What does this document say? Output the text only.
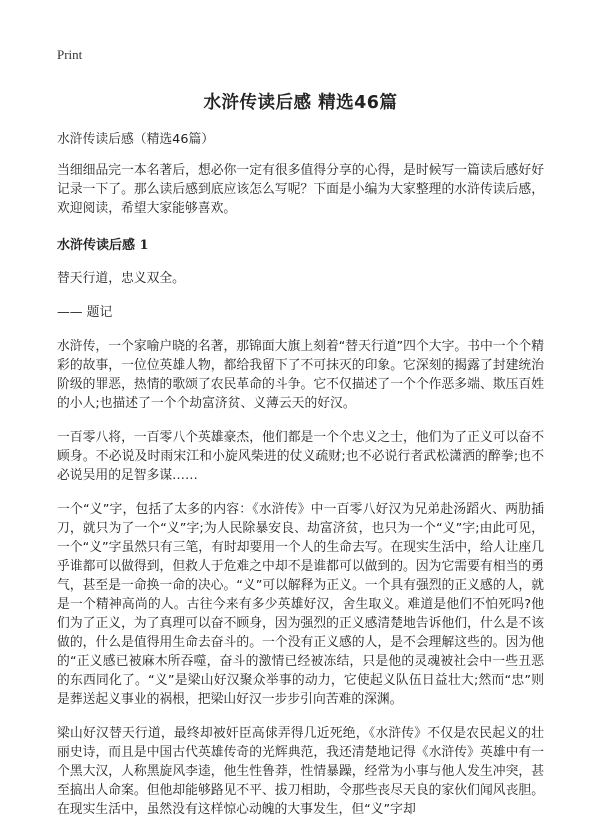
Print
水浒传读后感 精选46篇

水浒传读后感（精选46篇）

当细细品完一本名著后，想必你一定有很多值得分享的心得，是时候写一篇读后感好好记录一下了。那么读后感到底应该怎么写呢？下面是小编为大家整理的水浒传读后感，欢迎阅读，希望大家能够喜欢。

水浒传读后感 1

替天行道，忠义双全。

—— 题记

水浒传，一个家喻户晓的名著，那锦面大旗上刻着“替天行道”四个大字。书中一个个精彩的故事，一位位英雄人物，都给我留下了不可抹灭的印象。它深刻的揭露了封建统治阶级的罪恶，热情的歌颂了农民革命的斗争。它不仅描述了一个个作恶多端、欺压百姓的小人;也描述了一个个劫富济贫、义薄云天的好汉。

一百零八将，一百零八个英雄豪杰，他们都是一个个忠义之士，他们为了正义可以奋不顾身。不必说及时雨宋江和小旋风柴进的仗义疏财;也不必说行者武松潇洒的醉拳;也不必说吴用的足智多谋……

一个“义”字，包括了太多的内容：《水浒传》中一百零八好汉为兄弟赴汤蹈火、两肋插刀，就只为了一个“义”字;为人民除暴安良、劫富济贫，也只为一个“义”字;由此可见，一个“义”字虽然只有三笔，有时却要用一个人的生命去写。在现实生活中，给人让座几乎谁都可以做得到，但救人于危难之中却不是谁都可以做到的。因为它需要有相当的勇气，甚至是一命换一命的决心。“义”可以解释为正义。一个具有强烈的正义感的人，就是一个精神高尚的人。古往今来有多少英雄好汉，舍生取义。难道是他们不怕死吗?他们为了正义，为了真理可以奋不顾身，因为强烈的正义感清楚地告诉他们，什么是不该做的，什么是值得用生命去奋斗的。一个没有正义感的人，是不会理解这些的。因为他的“正义感已被麻木所吞噬，奋斗的激情已经被冻结，只是他的灵魂被社会中一些丑恶的东西同化了。“义”是梁山好汉聚众举事的动力，它使起义队伍日益壮大;然而“忠”则是葬送起义事业的祸根，把梁山好汉一步步引向苦难的深渊。

梁山好汉替天行道，最终却被奸臣高俅弄得几近死绝，《水浒传》不仅是农民起义的壮丽史诗，而且是中国古代英雄传奇的光辉典范，我还清楚地记得《水浒传》英雄中有一个黑大汉，人称黑旋风李逵，他生性鲁莽，性情暴躁，经常为小事与他人发生冲突，甚至搞出人命案。但他却能够路见不平、拔刀相助，令那些丧尽天良的家伙们闻风丧胆。在现实生活中，虽然没有这样惊心动魄的大事发生，但“义”字却
